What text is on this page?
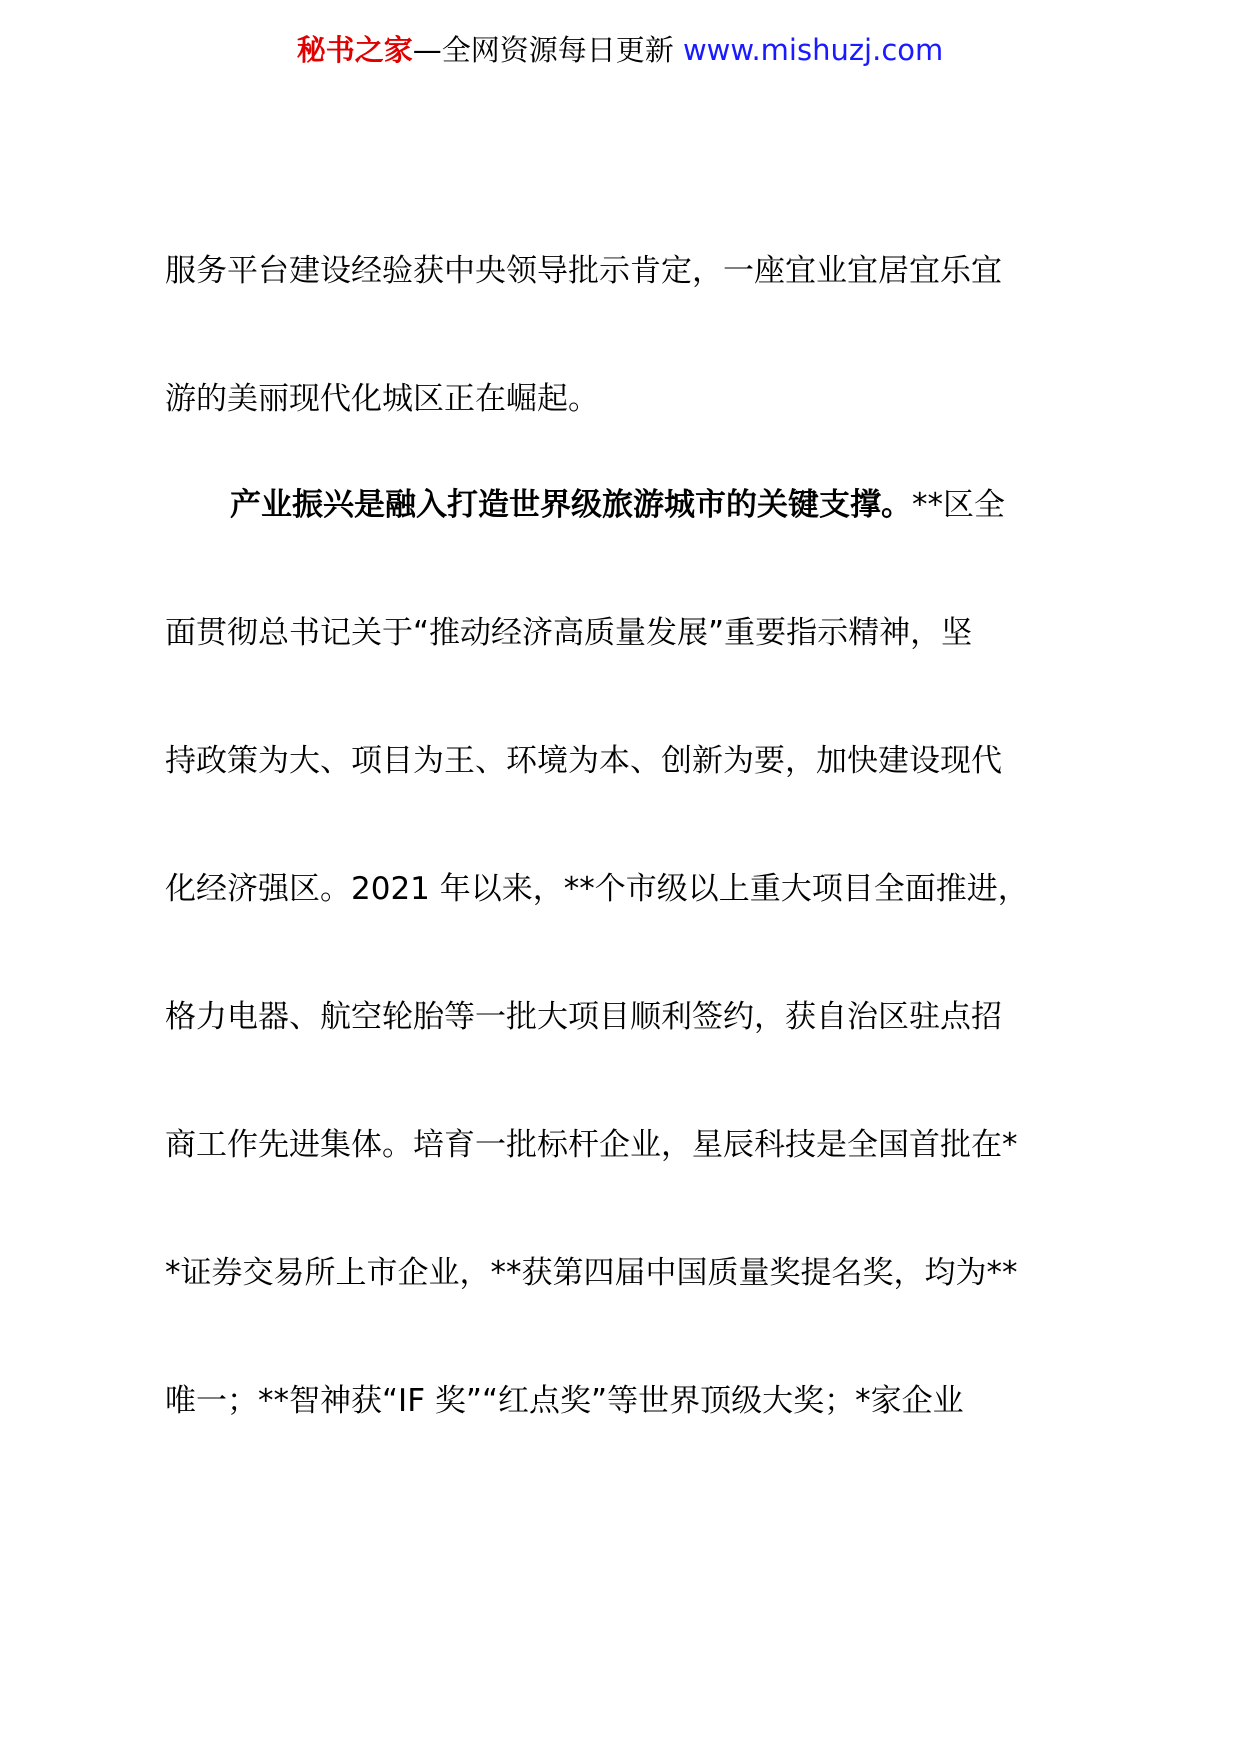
秘书之家—全网资源每日更新 www.mishuzj.com
服务平台建设经验获中央领导批示肯定，一座宜业宜居宜乐宜
游的美丽现代化城区正在崛起。
产业振兴是融入打造世界级旅游城市的关键支撑。**区全
面贯彻总书记关于“推动经济高质量发展”重要指示精神，坚
持政策为大、项目为王、环境为本、创新为要，加快建设现代
化经济强区。2021 年以来，**个市级以上重大项目全面推进，
格力电器、航空轮胎等一批大项目顺利签约，获自治区驻点招
商工作先进集体。培育一批标杆企业，星辰科技是全国首批在*
*证券交易所上市企业，**获第四届中国质量奖提名奖，均为**
唯一；**智神获“IF 奖”“红点奖”等世界顶级大奖；*家企业
